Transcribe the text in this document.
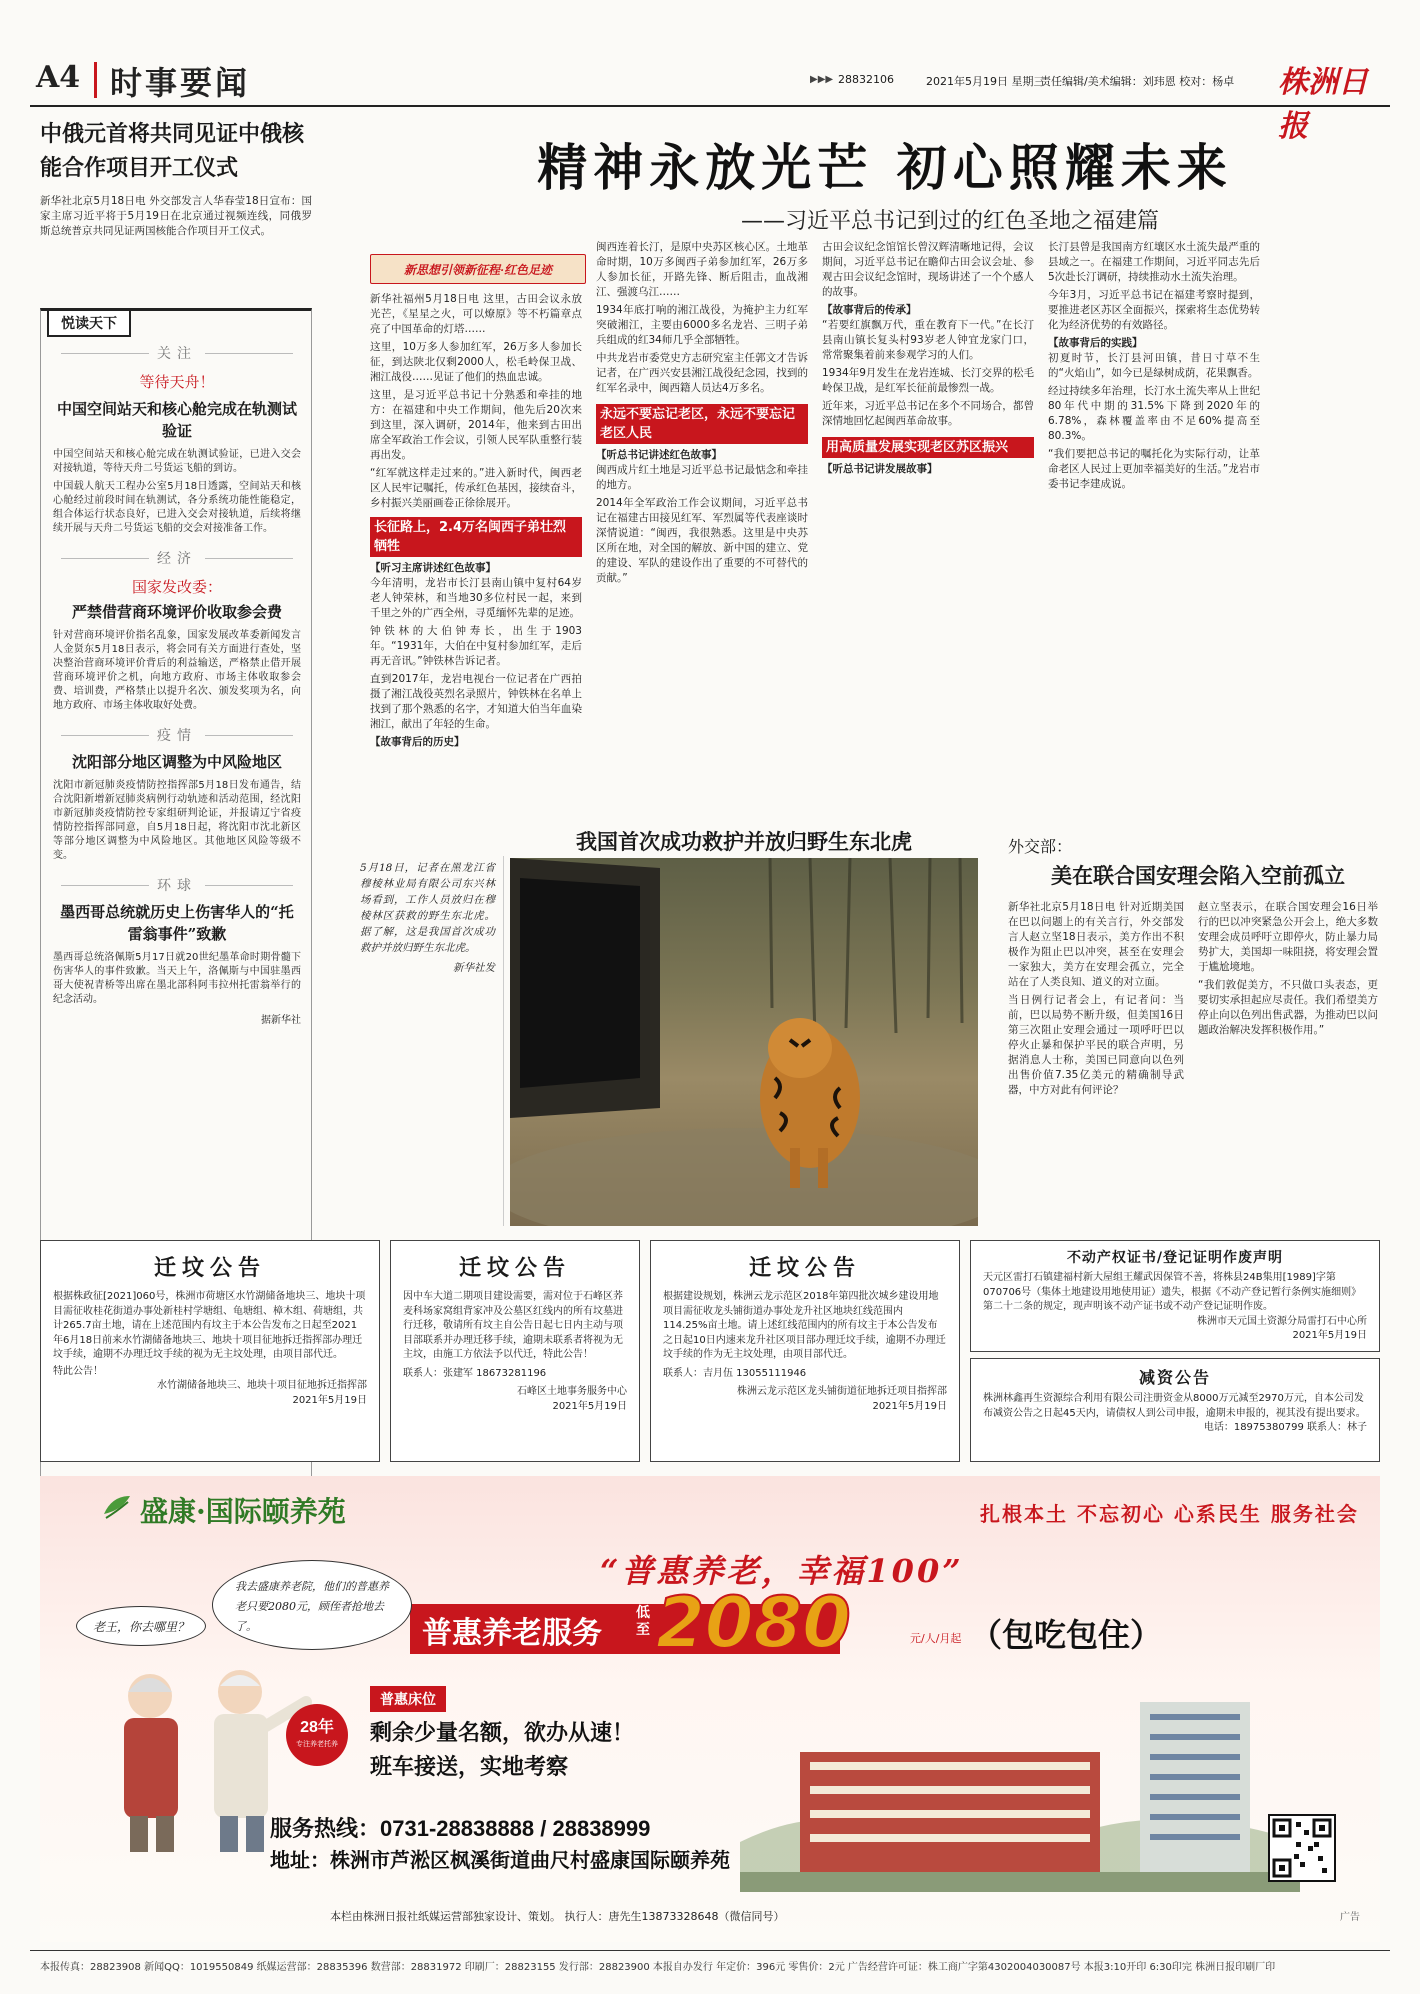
A4 时事要闻	▶▶▶ 28832106	2021年5月19日 星期三
责任编辑/美术编辑：刘玮恩 校对：杨卓 株洲日报
中俄元首将共同见证中俄核能合作项目开工仪式
新华社北京5月18日电 外交部发言人华春莹18日宣布：国家主席习近平将于5月19日在北京通过视频连线，同俄罗斯总统普京共同见证两国核能合作项目开工仪式。
悦读天下
关注
等待天舟！
中国空间站天和核心舱完成在轨测试验证
中国空间站天和核心舱完成在轨测试验证，已进入交会对接轨道，等待天舟二号货运飞船的到访。
中国载人航天工程办公室5月18日透露，空间站天和核心舱经过前段时间在轨测试，各分系统功能性能稳定，组合体运行状态良好，已进入交会对接轨道，后续将继续开展与天舟二号货运飞船的交会对接准备工作。
经济
国家发改委：
严禁借营商环境评价收取参会费
针对营商环境评价指名乱象，国家发展改革委新闻发言人金贤东5月18日表示，将会同有关方面进行查处，坚决整治营商环境评价背后的利益输送，严格禁止借开展营商环境评价之机，向地方政府、市场主体收取参会费、培训费，严格禁止以提升名次、颁发奖项为名，向地方政府、市场主体收取好处费。
疫情
沈阳部分地区调整为中风险地区
沈阳市新冠肺炎疫情防控指挥部5月18日发布通告，结合沈阳新增新冠肺炎病例行动轨迹和活动范围，经沈阳市新冠肺炎疫情防控专家组研判论证，并报请辽宁省疫情防控指挥部同意，自5月18日起，将沈阳市沈北新区等部分地区调整为中风险地区。其他地区风险等级不变。
环球
墨西哥总统就历史上伤害华人的“托雷翁事件”致歉
墨西哥总统洛佩斯5月17日就20世纪墨革命时期骨髓下伤害华人的事件致歉。当天上午，洛佩斯与中国驻墨西哥大使祝青桥等出席在墨北部科阿韦拉州托雷翁举行的纪念活动。
据新华社
精神永放光芒 初心照耀未来
——习近平总书记到过的红色圣地之福建篇
新思想引领新征程·红色足迹
新华社福州5月18日电 这里，古田会议永放光芒，《星星之火，可以燎原》等不朽篇章点亮了中国革命的灯塔……
这里，10万多人参加红军，26万多人参加长征，到达陕北仅剩2000人，松毛岭保卫战、湘江战役……见证了他们的热血忠诚。
这里，是习近平总书记十分熟悉和牵挂的地方：在福建和中央工作期间，他先后20次来到这里，深入调研，2014年，他来到古田出席全军政治工作会议，引领人民军队重整行装再出发。
“红军就这样走过来的。”进入新时代，闽西老区人民牢记嘱托，传承红色基因，接续奋斗，乡村振兴美丽画卷正徐徐展开。
长征路上，2.4万名闽西子弟壮烈牺牲
【听习主席讲述红色故事】
今年清明，龙岩市长汀县南山镇中复村64岁老人钟荣林，和当地30多位村民一起，来到千里之外的广西全州，寻觅缅怀先辈的足迹。
钟铁林的大伯钟寿长，出生于1903年。“1931年，大伯在中复村参加红军，走后再无音讯。”钟铁林告诉记者。
直到2017年，龙岩电视台一位记者在广西拍摄了湘江战役英烈名录照片，钟铁林在名单上找到了那个熟悉的名字，才知道大伯当年血染湘江，献出了年轻的生命。
【故事背后的历史】
闽西连着长汀，是原中央苏区核心区。土地革命时期，10万多闽西子弟参加红军，26万多人参加长征，开路先锋、断后阻击，血战湘江、强渡乌江……
1934年底打响的湘江战役，为掩护主力红军突破湘江，主要由6000多名龙岩、三明子弟兵组成的红34师几乎全部牺牲。
中共龙岩市委党史方志研究室主任郭文才告诉记者，在广西兴安县湘江战役纪念园，找到的红军名录中，闽西籍人员达4万多名。
永远不要忘记老区，永远不要忘记老区人民
【听总书记讲述红色故事】
闽西成片红土地是习近平总书记最惦念和牵挂的地方。
2014年全军政治工作会议期间，习近平总书记在福建古田接见红军、军烈属等代表座谈时深情说道：“闽西，我很熟悉。这里是中央苏区所在地，对全国的解放、新中国的建立、党的建设、军队的建设作出了重要的不可替代的贡献。”
古田会议纪念馆馆长曾汉辉清晰地记得，会议期间，习近平总书记在瞻仰古田会议会址、参观古田会议纪念馆时，现场讲述了一个个感人的故事。
【故事背后的传承】
“若要红旗飘万代，重在教育下一代。”在长汀县南山镇长复头村93岁老人钟宜龙家门口，常常聚集着前来参观学习的人们。
1934年9月发生在龙岩连城、长汀交界的松毛岭保卫战，是红军长征前最惨烈一战。
近年来，习近平总书记在多个不同场合，都曾深情地回忆起闽西革命故事。
用高质量发展实现老区苏区振兴
【听总书记讲发展故事】
长汀县曾是我国南方红壤区水土流失最严重的县域之一。在福建工作期间，习近平同志先后5次赴长汀调研，持续推动水土流失治理。
今年3月，习近平总书记在福建考察时提到，要推进老区苏区全面振兴，探索将生态优势转化为经济优势的有效路径。
【故事背后的实践】
初夏时节，长汀县河田镇，昔日寸草不生的“火焰山”，如今已是绿树成荫，花果飘香。
经过持续多年治理，长汀水土流失率从上世纪80年代中期的31.5%下降到2020年的6.78%，森林覆盖率由不足60%提高至80.3%。
“我们要把总书记的嘱托化为实际行动，让革命老区人民过上更加幸福美好的生活。”龙岩市委书记李建成说。
我国首次成功救护并放归野生东北虎
5月18日，记者在黑龙江省穆棱林业局有限公司东兴林场看到，工作人员放归在穆棱林区获救的野生东北虎。据了解，这是我国首次成功救护并放归野生东北虎。
新华社发
外交部：
美在联合国安理会陷入空前孤立
新华社北京5月18日电 针对近期美国在巴以问题上的有关言行，外交部发言人赵立坚18日表示，美方作出不积极作为阻止巴以冲突，甚至在安理会一家独大，美方在安理会孤立，完全站在了人类良知、道义的对立面。
当日例行记者会上，有记者问：当前，巴以局势不断升级，但美国16日第三次阻止安理会通过一项呼吁巴以停火止暴和保护平民的联合声明，另据消息人士称，美国已同意向以色列出售价值7.35亿美元的精确制导武器，中方对此有何评论？
赵立坚表示，在联合国安理会16日举行的巴以冲突紧急公开会上，绝大多数安理会成员呼吁立即停火，防止暴力局势扩大，美国却一味阻挠，将安理会置于尴尬境地。
“我们敦促美方，不只做口头表态，更要切实承担起应尽责任。我们希望美方停止向以色列出售武器，为推动巴以问题政治解决发挥积极作用。”
迁坟公告
根据株政征[2021]060号，株洲市荷塘区水竹湖储备地块三、地块十项目需征收桂花街道办事处新桂村学塘组、龟塘组、樟木组、荷塘组，共计265.7亩土地，请在上述范围内有坟主于本公告发布之日起至2021年6月18日前来水竹湖储备地块三、地块十项目征地拆迁指挥部办理迁坟手续，逾期不办理迁坟手续的视为无主坟处理，由项目部代迁。
特此公告！
水竹湖储备地块三、地块十项目征地拆迁指挥部
2021年5月19日
迁坟公告
因中车大道二期项目建设需要，需对位于石峰区荞麦科场家窝组背家冲及公墓区红线内的所有坟墓进行迁移，敬请所有坟主自公告日起七日内主动与项目部联系并办理迁移手续，逾期未联系者将视为无主坟，由施工方依法予以代迁，特此公告！
联系人：张建军 18673281196
石峰区土地事务服务中心
2021年5月19日
迁坟公告
根据建设规划，株洲云龙示范区2018年第四批次城乡建设用地项目需征收龙头铺街道办事处龙升社区地块红线范围内114.25%亩土地。请上述红线范围内的所有坟主于本公告发布之日起10日内速来龙升社区项目部办理迁坟手续，逾期不办理迁坟手续的作为无主坟处理，由项目部代迁。
联系人：吉月伍 13055111946
株洲云龙示范区龙头铺街道征地拆迁项目指挥部
2021年5月19日
不动产权证书/登记证明作废声明
天元区雷打石镇建福村新大屋组王耀武因保管不善，将株县24B集用[1989]字第070706号（集体土地建设用地使用证）遗失，根据《不动产登记暂行条例实施细则》第二十二条的规定，现声明该不动产证书或不动产登记证明作废。
株洲市天元国土资源分局雷打石中心所
2021年5月19日
减资公告
株洲林鑫再生资源综合利用有限公司注册资金从8000万元减至2970万元，自本公司发布减资公告之日起45天内，请债权人到公司申报，逾期未申报的，视其没有提出要求。
电话：18975380799 联系人：林子
盛康·国际颐养苑	扎根本土 不忘初心 心系民生 服务社会
“普惠养老，幸福100”
普惠养老服务
低至 2080	元/人/月起 （包吃包住）
老王，你去哪里？
我去盛康养老院，他们的普惠养老只要2080元，顾侄者抢地去了。
28年
专注养老托养
普惠床位
剩余少量名额，欲办从速！
班车接送，实地考察
服务热线：0731-28838888 / 28838999
地址：株洲市芦淞区枫溪街道曲尺村盛康国际颐养苑
本栏由株洲日报社纸媒运营部独家设计、策划。 执行人：唐先生13873328648（微信同号）	广告
本报传真：28823908 新闻QQ：1019550849 纸媒运营部：28835396 数营部：28831972 印刷厂：28823155 发行部：28823900 本报自办发行 年定价：396元 零售价：2元 广告经营许可证：株工商广字第4302004030087号 本报3:10开印 6:30印完 株洲日报印刷厂印
